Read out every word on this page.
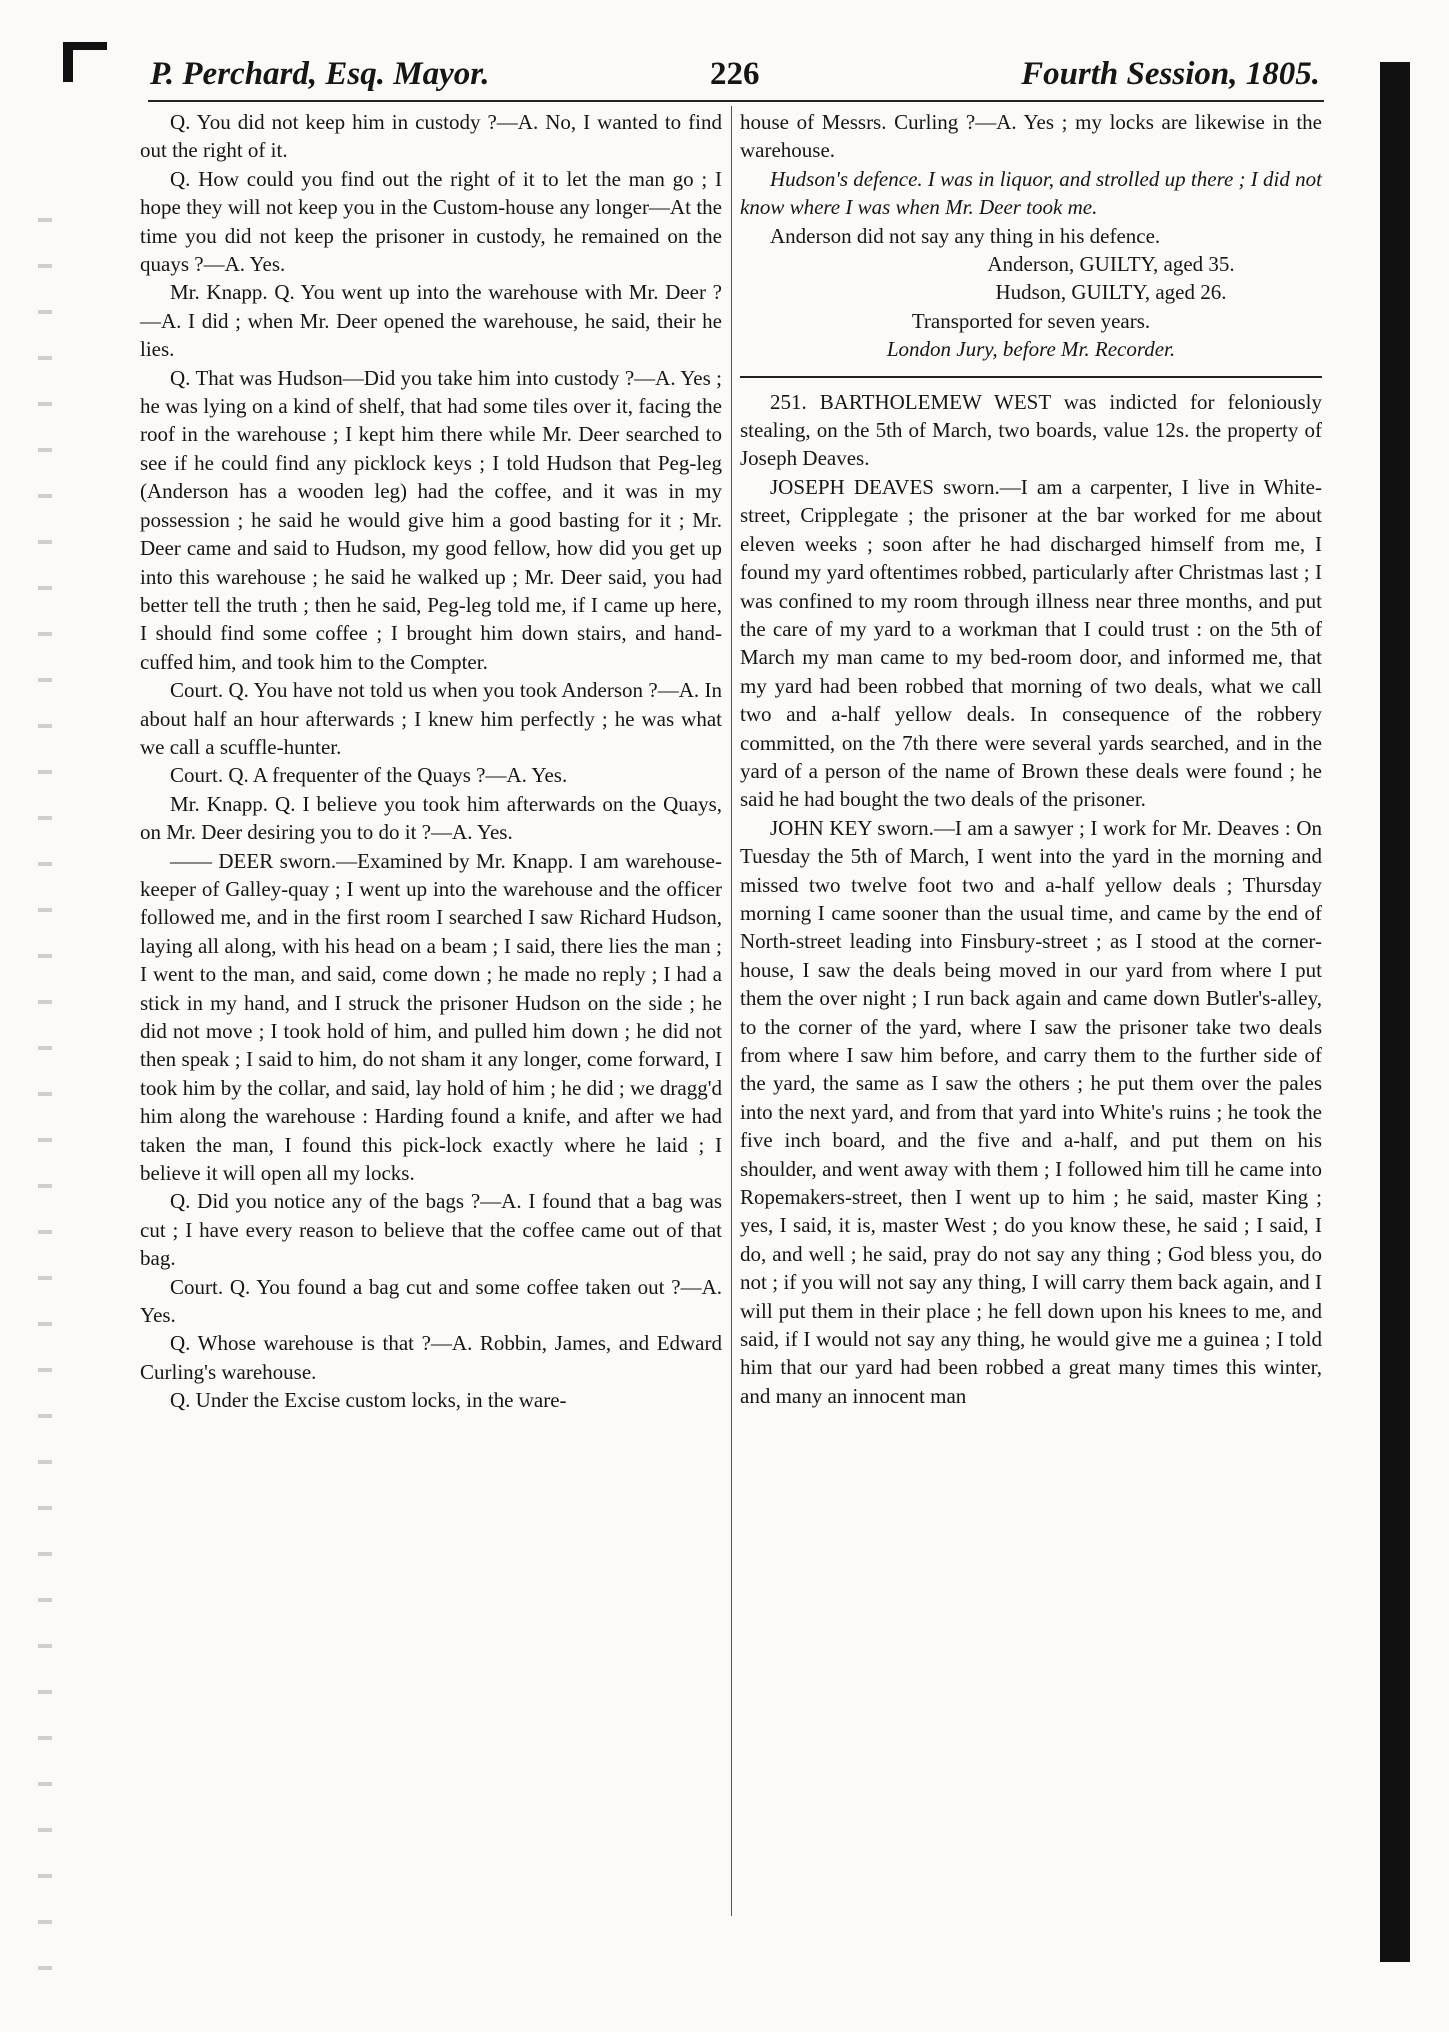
P. Perchard, Esq. Mayor.	226	Fourth Session, 1805.

Q. You did not keep him in custody ?—A. No, I wanted to find out the right of it.

Q. How could you find out the right of it to let the man go ; I hope they will not keep you in the Custom-house any longer—At the time you did not keep the prisoner in custody, he remained on the quays ?—A. Yes.

Mr. Knapp. Q. You went up into the warehouse with Mr. Deer ?—A. I did ; when Mr. Deer opened the warehouse, he said, their he lies.

Q. That was Hudson—Did you take him into custody ?—A. Yes ; he was lying on a kind of shelf, that had some tiles over it, facing the roof in the warehouse ; I kept him there while Mr. Deer searched to see if he could find any picklock keys ; I told Hudson that Peg-leg (Anderson has a wooden leg) had the coffee, and it was in my possession ; he said he would give him a good basting for it ; Mr. Deer came and said to Hudson, my good fellow, how did you get up into this warehouse ; he said he walked up ; Mr. Deer said, you had better tell the truth ; then he said, Peg-leg told me, if I came up here, I should find some coffee ; I brought him down stairs, and hand-cuffed him, and took him to the Compter.

Court. Q. You have not told us when you took Anderson ?—A. In about half an hour afterwards ; I knew him perfectly ; he was what we call a scuffle-hunter.

Court. Q. A frequenter of the Quays ?—A. Yes.

Mr. Knapp. Q. I believe you took him afterwards on the Quays, on Mr. Deer desiring you to do it ?—A. Yes.

—— DEER sworn.—Examined by Mr. Knapp. I am warehouse-keeper of Galley-quay ; I went up into the warehouse and the officer followed me, and in the first room I searched I saw Richard Hudson, laying all along, with his head on a beam ; I said, there lies the man ; I went to the man, and said, come down ; he made no reply ; I had a stick in my hand, and I struck the prisoner Hudson on the side ; he did not move ; I took hold of him, and pulled him down ; he did not then speak ; I said to him, do not sham it any longer, come forward, I took him by the collar, and said, lay hold of him ; he did ; we dragg'd him along the warehouse : Harding found a knife, and after we had taken the man, I found this pick-lock exactly where he laid ; I believe it will open all my locks.

Q. Did you notice any of the bags ?—A. I found that a bag was cut ; I have every reason to believe that the coffee came out of that bag.

Court. Q. You found a bag cut and some coffee taken out ?—A. Yes.

Q. Whose warehouse is that ?—A. Robbin, James, and Edward Curling's warehouse.

Q. Under the Excise custom locks, in the ware-

house of Messrs. Curling ?—A. Yes ; my locks are likewise in the warehouse.

Hudson's defence. I was in liquor, and strolled up there ; I did not know where I was when Mr. Deer took me.

Anderson did not say any thing in his defence.

Anderson, GUILTY, aged 35.

Hudson, GUILTY, aged 26.

Transported for seven years.

London Jury, before Mr. Recorder.

251. BARTHOLEMEW WEST was indicted for feloniously stealing, on the 5th of March, two boards, value 12s. the property of Joseph Deaves.

JOSEPH DEAVES sworn.—I am a carpenter, I live in White-street, Cripplegate ; the prisoner at the bar worked for me about eleven weeks ; soon after he had discharged himself from me, I found my yard oftentimes robbed, particularly after Christmas last ; I was confined to my room through illness near three months, and put the care of my yard to a workman that I could trust : on the 5th of March my man came to my bed-room door, and informed me, that my yard had been robbed that morning of two deals, what we call two and a-half yellow deals. In consequence of the robbery committed, on the 7th there were several yards searched, and in the yard of a person of the name of Brown these deals were found ; he said he had bought the two deals of the prisoner.

JOHN KEY sworn.—I am a sawyer ; I work for Mr. Deaves : On Tuesday the 5th of March, I went into the yard in the morning and missed two twelve foot two and a-half yellow deals ; Thursday morning I came sooner than the usual time, and came by the end of North-street leading into Finsbury-street ; as I stood at the corner-house, I saw the deals being moved in our yard from where I put them the over night ; I run back again and came down Butler's-alley, to the corner of the yard, where I saw the prisoner take two deals from where I saw him before, and carry them to the further side of the yard, the same as I saw the others ; he put them over the pales into the next yard, and from that yard into White's ruins ; he took the five inch board, and the five and a-half, and put them on his shoulder, and went away with them ; I followed him till he came into Ropemakers-street, then I went up to him ; he said, master King ; yes, I said, it is, master West ; do you know these, he said ; I said, I do, and well ; he said, pray do not say any thing ; God bless you, do not ; if you will not say any thing, I will carry them back again, and I will put them in their place ; he fell down upon his knees to me, and said, if I would not say any thing, he would give me a guinea ; I told him that our yard had been robbed a great many times this winter, and many an innocent man
